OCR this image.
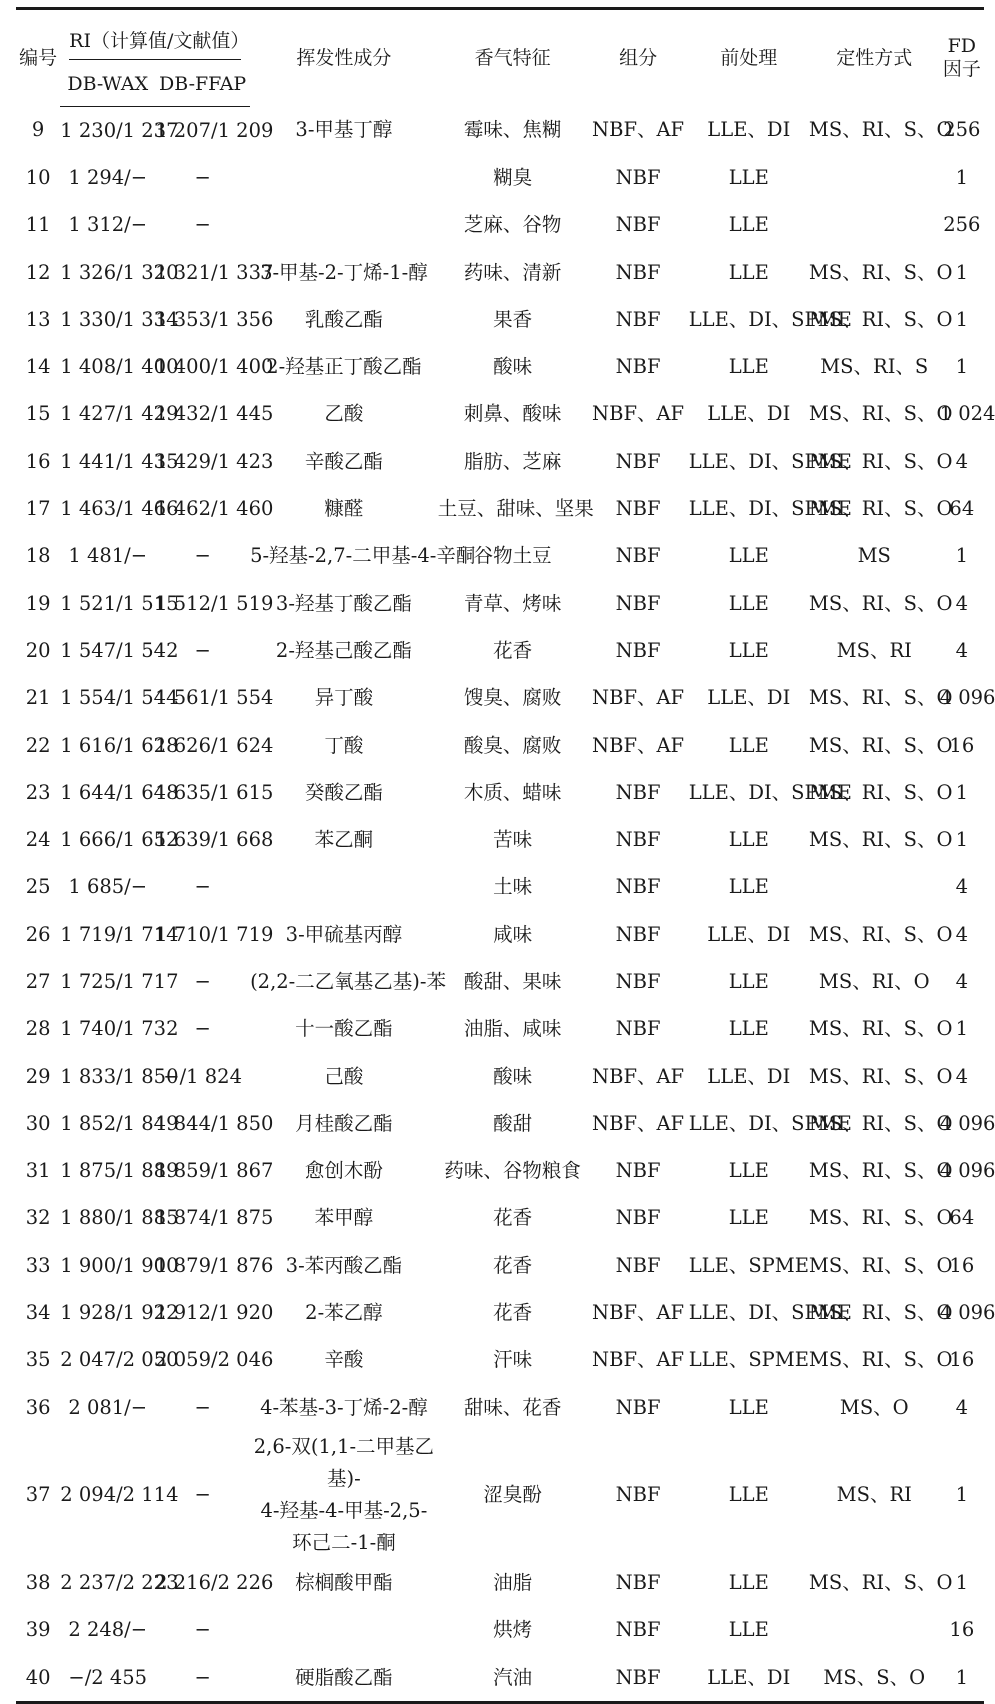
编号	RI（计算值/文献值）		挥发性成分	香气特征	组分	前处理	定性方式	FD
因子

	DB-WAX	DB-FFAP						
9	1 230/1 237	1 207/1 209	3-甲基丁醇	霉味、焦糊	NBF、AF	LLE、DI	MS、RI、S、O	256
10	1 294/−	−		糊臭	NBF	LLE		1
11	1 312/−	−		芝麻、谷物	NBF	LLE		256
12	1 326/1 320	1 321/1 337	3-甲基-2-丁烯-1-醇	药味、清新	NBF	LLE	MS、RI、S、O	1
13	1 330/1 334	1 353/1 356	乳酸乙酯	果香	NBF	LLE、DI、SPME	MS、RI、S、O	1
14	1 408/1 400	1 400/1 400	2-羟基正丁酸乙酯	酸味	NBF	LLE	MS、RI、S	1
15	1 427/1 429	1 432/1 445	乙酸	刺鼻、酸味	NBF、AF	LLE、DI	MS、RI、S、O	1 024
16	1 441/1 435	1 429/1 423	辛酸乙酯	脂肪、芝麻	NBF	LLE、DI、SPME	MS、RI、S、O	4
17	1 463/1 466	1 462/1 460	糠醛	土豆、甜味、坚果	NBF	LLE、DI、SPME	MS、RI、S、O	64
18	1 481/−	−	5-羟基-2,7-二甲基-4-辛酮	谷物土豆	NBF	LLE	MS	1
19	1 521/1 515	1 512/1 519	3-羟基丁酸乙酯	青草、烤味	NBF	LLE	MS、RI、S、O	4
20	1 547/1 542	−	2-羟基己酸乙酯	花香	NBF	LLE	MS、RI	4
21	1 554/1 544	1 561/1 554	异丁酸	馊臭、腐败	NBF、AF	LLE、DI	MS、RI、S、O	4 096
22	1 616/1 628	1 626/1 624	丁酸	酸臭、腐败	NBF、AF	LLE	MS、RI、S、O	16
23	1 644/1 648	1 635/1 615	癸酸乙酯	木质、蜡味	NBF	LLE、DI、SPME	MS、RI、S、O	1
24	1 666/1 652	1 639/1 668	苯乙酮	苦味	NBF	LLE	MS、RI、S、O	1
25	1 685/−	−		土味	NBF	LLE		4
26	1 719/1 714	1 710/1 719	3-甲硫基丙醇	咸味	NBF	LLE、DI	MS、RI、S、O	4
27	1 725/1 717	−	(2,2-二乙氧基乙基)-苯	酸甜、果味	NBF	LLE	MS、RI、O	4
28	1 740/1 732	−	十一酸乙酯	油脂、咸味	NBF	LLE	MS、RI、S、O	1
29	1 833/1 850	−/1 824	己酸	酸味	NBF、AF	LLE、DI	MS、RI、S、O	4
30	1 852/1 849	1 844/1 850	月桂酸乙酯	酸甜	NBF、AF	LLE、DI、SPME	MS、RI、S、O	4 096
31	1 875/1 889	1 859/1 867	愈创木酚	药味、谷物粮食	NBF	LLE	MS、RI、S、O	4 096
32	1 880/1 885	1 874/1 875	苯甲醇	花香	NBF	LLE	MS、RI、S、O	64
33	1 900/1 900	1 879/1 876	3-苯丙酸乙酯	花香	NBF	LLE、SPME	MS、RI、S、O	16
34	1 928/1 922	1 912/1 920	2-苯乙醇	花香	NBF、AF	LLE、DI、SPME	MS、RI、S、O	4 096
35	2 047/2 050	2 059/2 046	辛酸	汗味	NBF、AF	LLE、SPME	MS、RI、S、O	16
36	2 081/−	−	4-苯基-3-丁烯-2-醇	甜味、花香	NBF	LLE	MS、O	4
37	2 094/2 114	−	2,6-双(1,1-二甲基乙基)-
4-羟基-4-甲基-2,5-
环己二-1-酮	涩臭酚	NBF	LLE	MS、RI	1
38	2 237/2 223	2 216/2 226	棕榈酸甲酯	油脂	NBF	LLE	MS、RI、S、O	1
39	2 248/−	−		烘烤	NBF	LLE		16
40	−/2 455	−	硬脂酸乙酯	汽油	NBF	LLE、DI	MS、S、O	1
